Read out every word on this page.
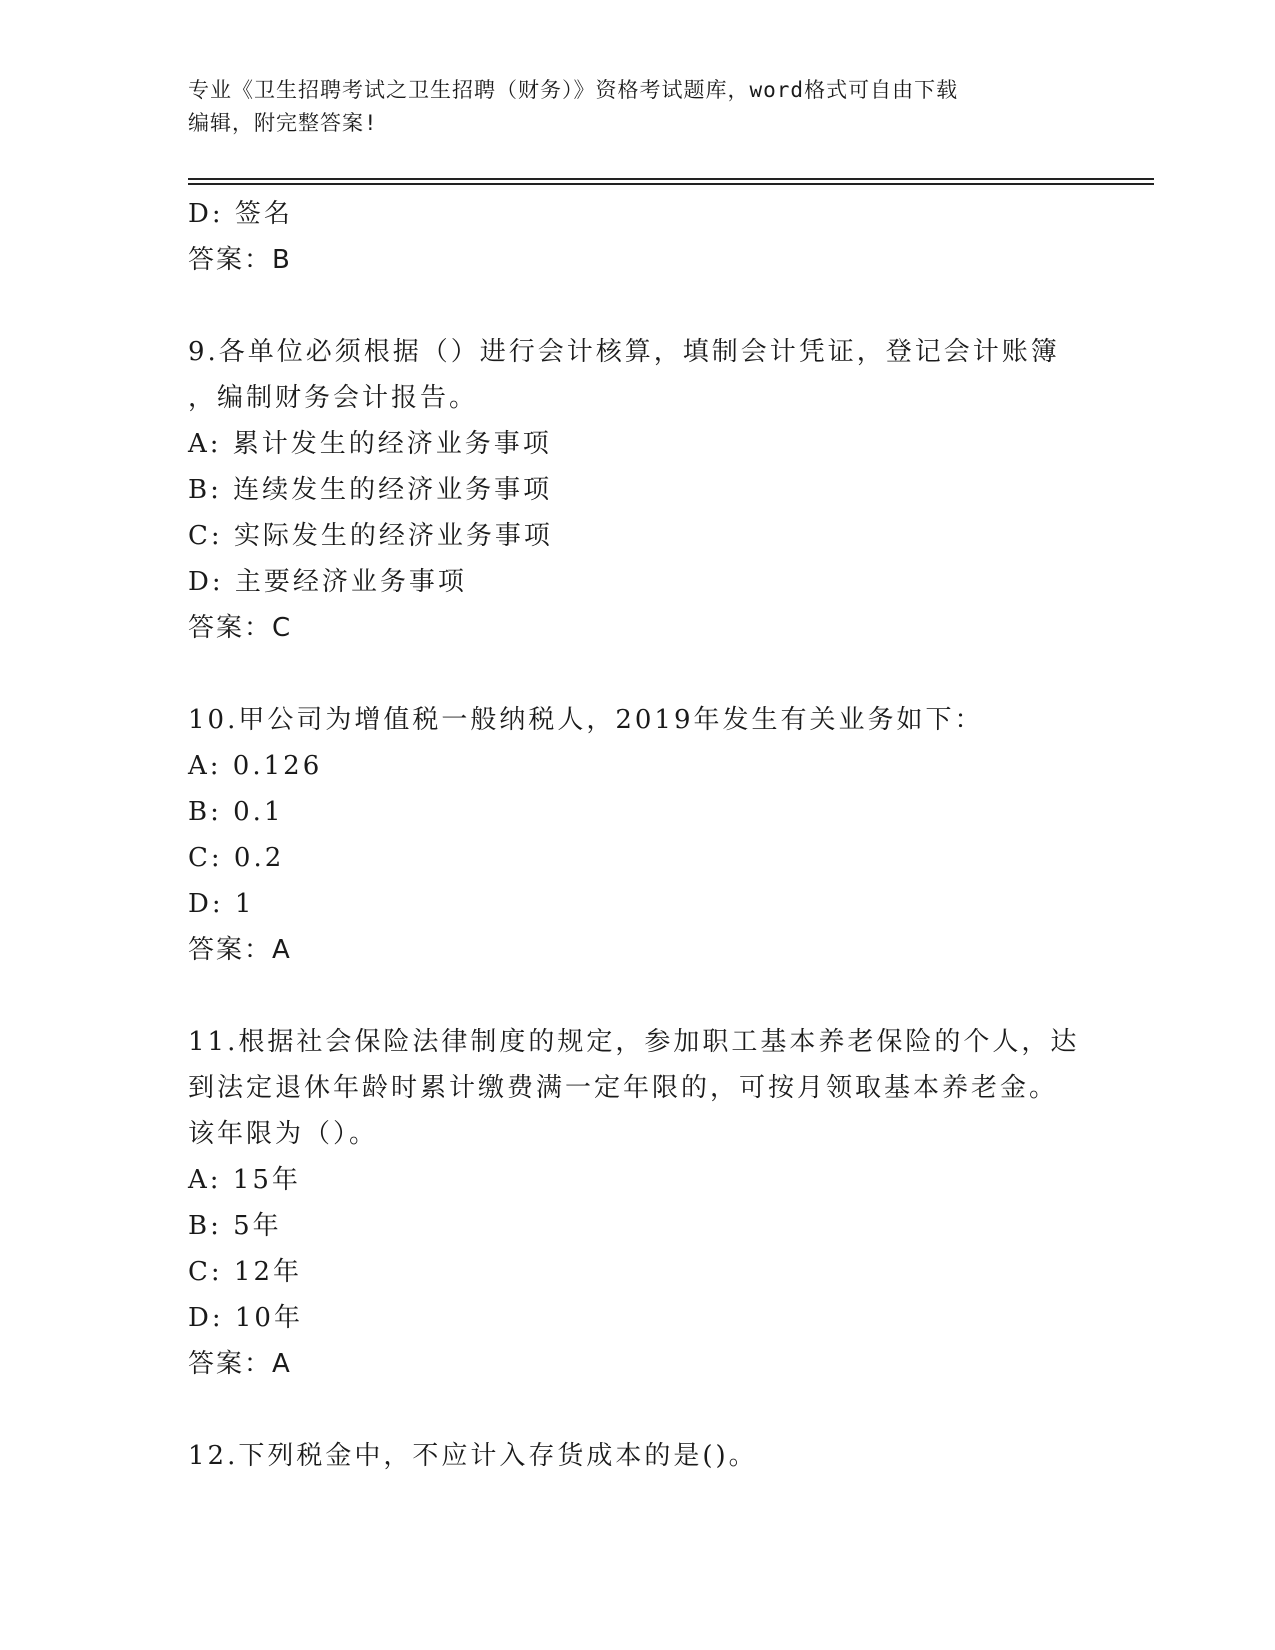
专业《卫生招聘考试之卫生招聘（财务）》资格考试题库，word格式可自由下载
编辑，附完整答案!
D: 签名
答案：B
9.各单位必须根据（）进行会计核算，填制会计凭证，登记会计账簿
，编制财务会计报告。
A: 累计发生的经济业务事项
B: 连续发生的经济业务事项
C: 实际发生的经济业务事项
D: 主要经济业务事项
答案：C
10.甲公司为增值税一般纳税人，2019年发生有关业务如下：
A: 0.126
B: 0.1
C: 0.2
D: 1
答案：A
11.根据社会保险法律制度的规定，参加职工基本养老保险的个人，达
到法定退休年龄时累计缴费满一定年限的，可按月领取基本养老金。
该年限为（）。
A: 15年
B: 5年
C: 12年
D: 10年
答案：A
12.下列税金中，不应计入存货成本的是()。
